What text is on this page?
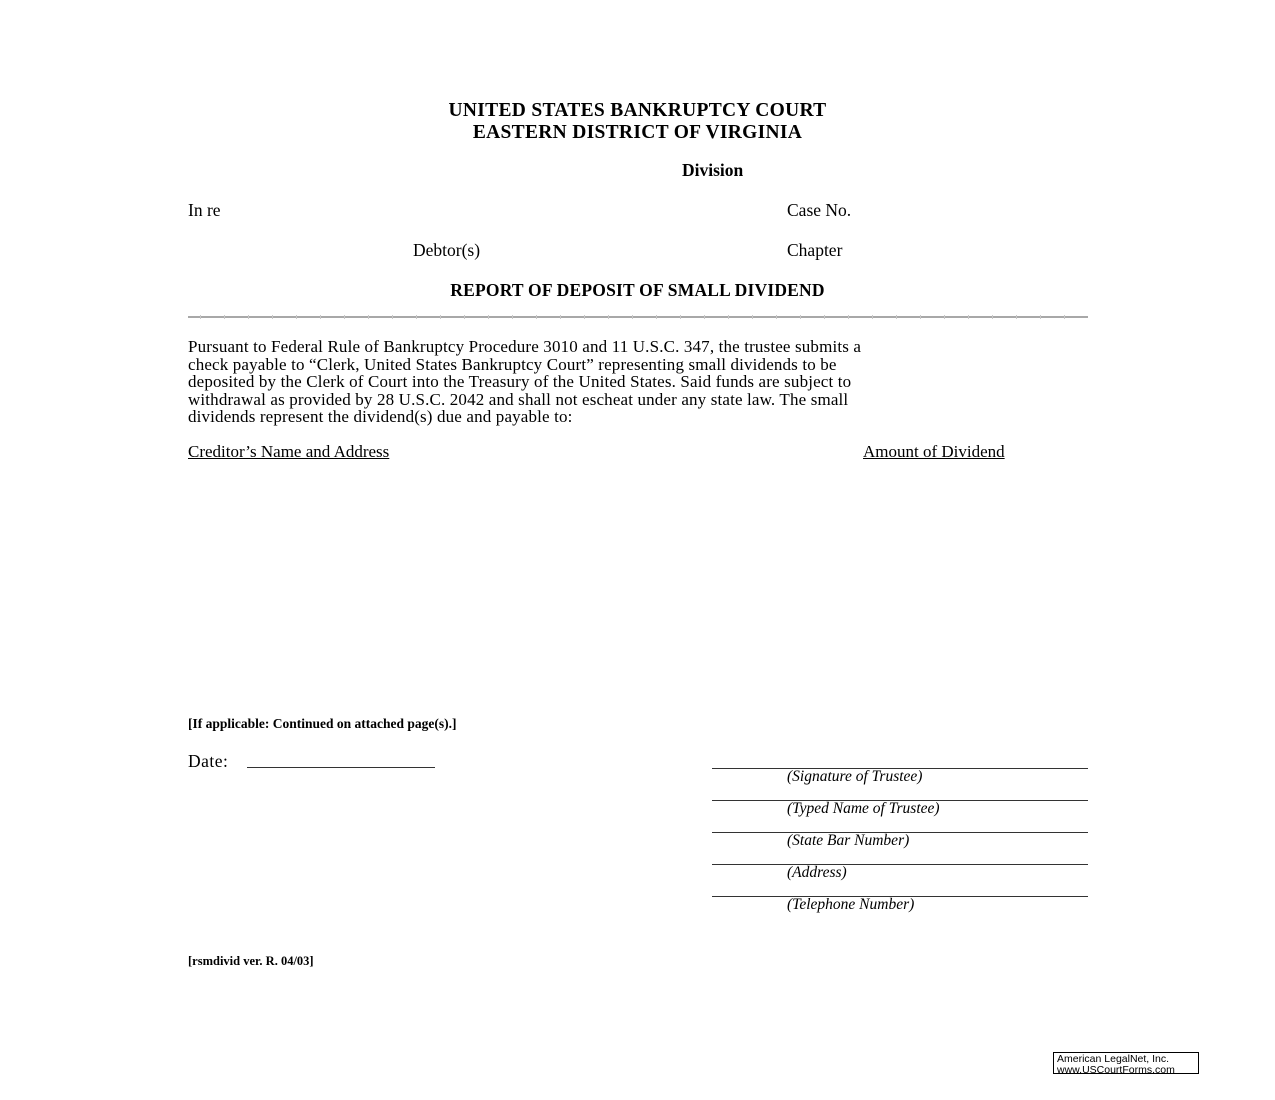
UNITED STATES BANKRUPTCY COURT
EASTERN DISTRICT OF VIRGINIA
Division
In re	Case No.
Debtor(s)	Chapter
REPORT OF DEPOSIT OF SMALL DIVIDEND
Pursuant to Federal Rule of Bankruptcy Procedure 3010 and 11 U.S.C. 347, the trustee submits a
check payable to “Clerk, United States Bankruptcy Court” representing small dividends to be
deposited by the Clerk of Court into the Treasury of the United States. Said funds are subject to
withdrawal as provided by 28 U.S.C. 2042 and shall not escheat under any state law. The small
dividends represent the dividend(s) due and payable to:
Creditor’s Name and Address	Amount of Dividend
[If applicable: Continued on attached page(s).]
Date:
(Signature of Trustee)
(Typed Name of Trustee)
(State Bar Number)
(Address)
(Telephone Number)
[rsmdivid ver. R. 04/03]
American LegalNet, Inc.
www.USCourtForms.com
